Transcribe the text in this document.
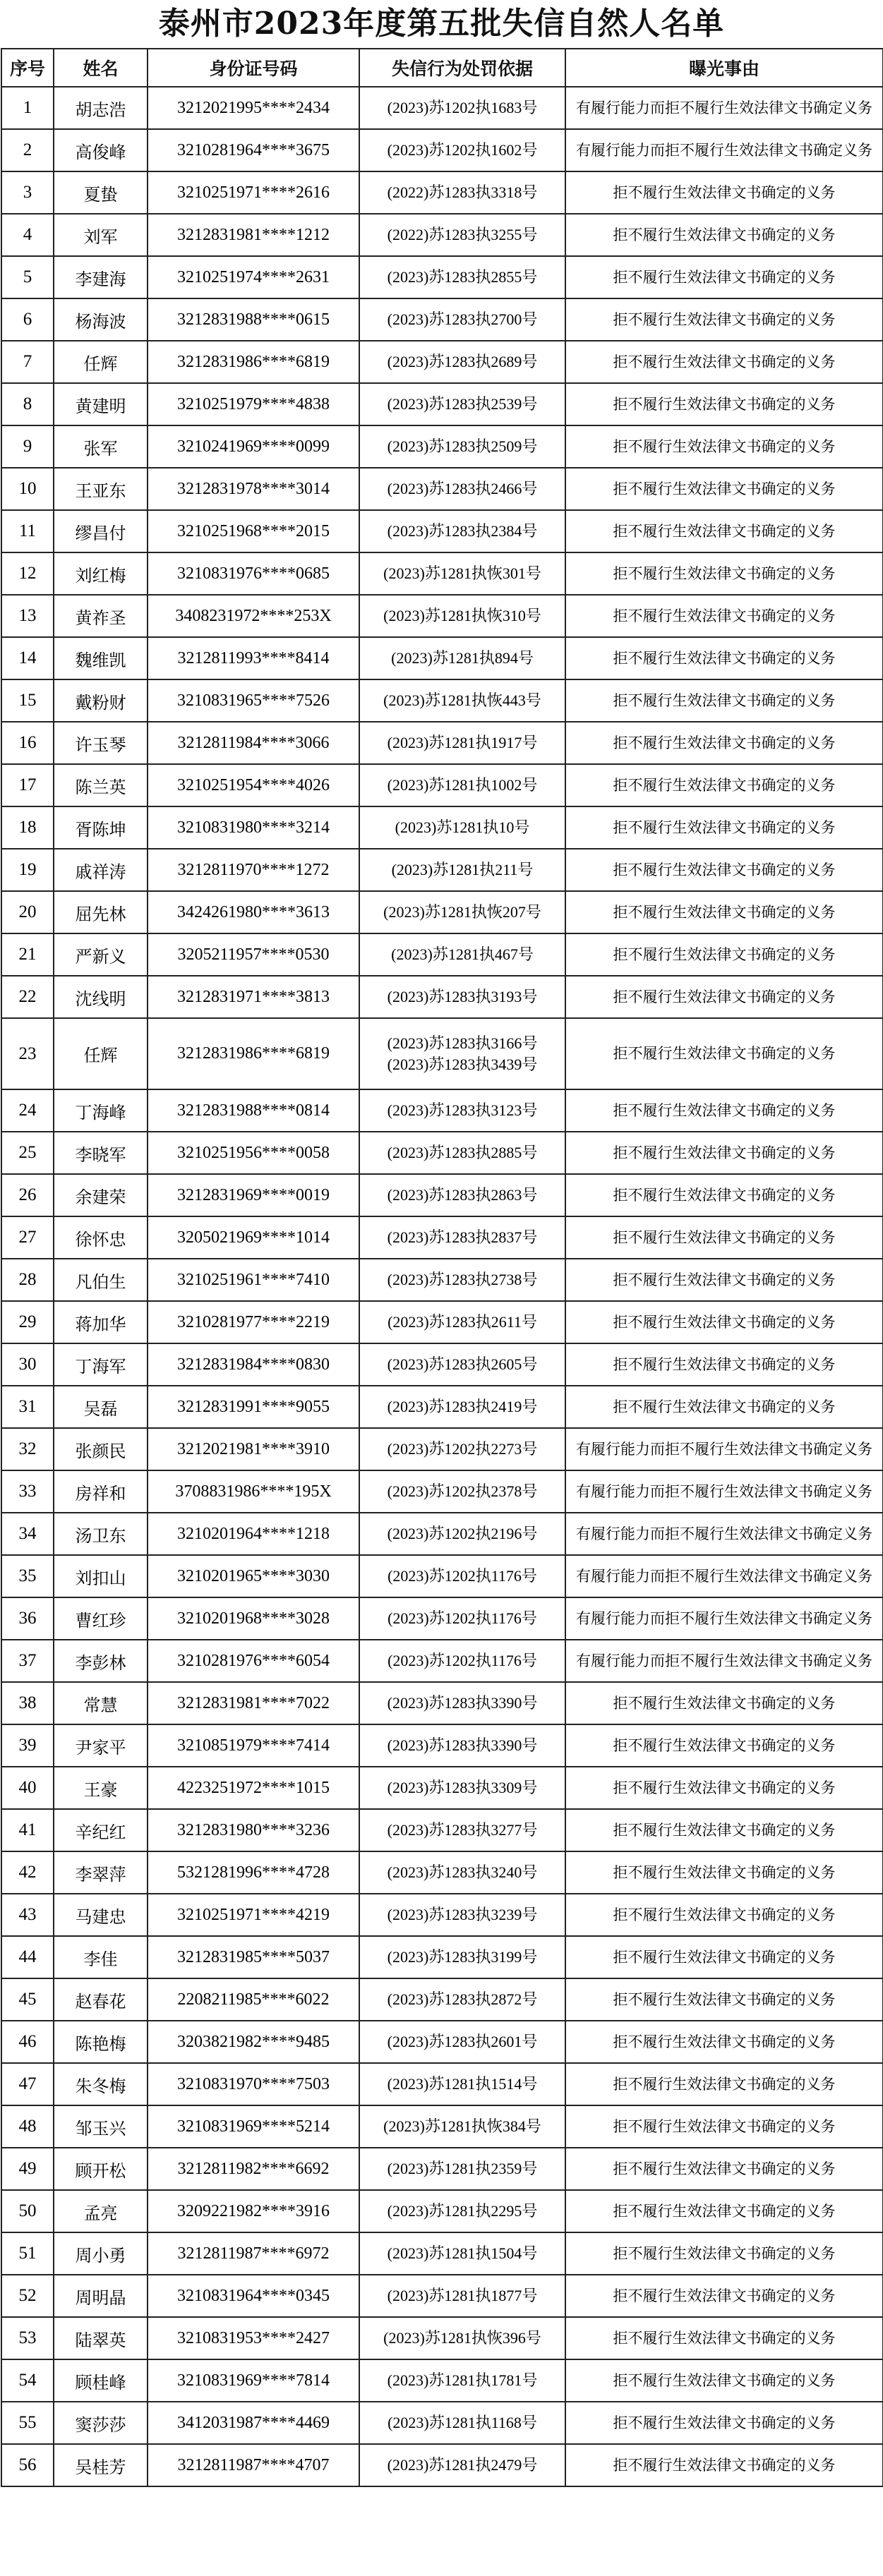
泰州市2023年度第五批失信自然人名单
序号	姓名	身份证号码	失信行为处罚依据	曝光事由
1	胡志浩	3212021995****2434	(2023)苏1202执1683号	有履行能力而拒不履行生效法律文书确定义务

2	高俊峰	3210281964****3675	(2023)苏1202执1602号	有履行能力而拒不履行生效法律文书确定义务

3	夏蛰	3210251971****2616	(2022)苏1283执3318号	拒不履行生效法律文书确定的义务

4	刘军	3212831981****1212	(2022)苏1283执3255号	拒不履行生效法律文书确定的义务

5	李建海	3210251974****2631	(2023)苏1283执2855号	拒不履行生效法律文书确定的义务

6	杨海波	3212831988****0615	(2023)苏1283执2700号	拒不履行生效法律文书确定的义务

7	任辉	3212831986****6819	(2023)苏1283执2689号	拒不履行生效法律文书确定的义务

8	黄建明	3210251979****4838	(2023)苏1283执2539号	拒不履行生效法律文书确定的义务

9	张军	3210241969****0099	(2023)苏1283执2509号	拒不履行生效法律文书确定的义务

10	王亚东	3212831978****3014	(2023)苏1283执2466号	拒不履行生效法律文书确定的义务

11	缪昌付	3210251968****2015	(2023)苏1283执2384号	拒不履行生效法律文书确定的义务

12	刘红梅	3210831976****0685	(2023)苏1281执恢301号	拒不履行生效法律文书确定的义务

13	黄祚圣	3408231972****253X	(2023)苏1281执恢310号	拒不履行生效法律文书确定的义务

14	魏维凯	3212811993****8414	(2023)苏1281执894号	拒不履行生效法律文书确定的义务

15	戴粉财	3210831965****7526	(2023)苏1281执恢443号	拒不履行生效法律文书确定的义务

16	许玉琴	3212811984****3066	(2023)苏1281执1917号	拒不履行生效法律文书确定的义务

17	陈兰英	3210251954****4026	(2023)苏1281执1002号	拒不履行生效法律文书确定的义务

18	胥陈坤	3210831980****3214	(2023)苏1281执10号	拒不履行生效法律文书确定的义务

19	戚祥涛	3212811970****1272	(2023)苏1281执211号	拒不履行生效法律文书确定的义务

20	屈先林	3424261980****3613	(2023)苏1281执恢207号	拒不履行生效法律文书确定的义务

21	严新义	3205211957****0530	(2023)苏1281执467号	拒不履行生效法律文书确定的义务

22	沈线明	3212831971****3813	(2023)苏1283执3193号	拒不履行生效法律文书确定的义务

23	任辉	3212831986****6819	(2023)苏1283执3166号
(2023)苏1283执3439号	拒不履行生效法律文书确定的义务

24	丁海峰	3212831988****0814	(2023)苏1283执3123号	拒不履行生效法律文书确定的义务

25	李晓军	3210251956****0058	(2023)苏1283执2885号	拒不履行生效法律文书确定的义务

26	余建荣	3212831969****0019	(2023)苏1283执2863号	拒不履行生效法律文书确定的义务

27	徐怀忠	3205021969****1014	(2023)苏1283执2837号	拒不履行生效法律文书确定的义务

28	凡伯生	3210251961****7410	(2023)苏1283执2738号	拒不履行生效法律文书确定的义务

29	蒋加华	3210281977****2219	(2023)苏1283执2611号	拒不履行生效法律文书确定的义务

30	丁海军	3212831984****0830	(2023)苏1283执2605号	拒不履行生效法律文书确定的义务

31	吴磊	3212831991****9055	(2023)苏1283执2419号	拒不履行生效法律文书确定的义务

32	张颜民	3212021981****3910	(2023)苏1202执2273号	有履行能力而拒不履行生效法律文书确定义务

33	房祥和	3708831986****195X	(2023)苏1202执2378号	有履行能力而拒不履行生效法律文书确定义务

34	汤卫东	3210201964****1218	(2023)苏1202执2196号	有履行能力而拒不履行生效法律文书确定义务

35	刘扣山	3210201965****3030	(2023)苏1202执1176号	有履行能力而拒不履行生效法律文书确定义务

36	曹红珍	3210201968****3028	(2023)苏1202执1176号	有履行能力而拒不履行生效法律文书确定义务

37	李彭林	3210281976****6054	(2023)苏1202执1176号	有履行能力而拒不履行生效法律文书确定义务

38	常慧	3212831981****7022	(2023)苏1283执3390号	拒不履行生效法律文书确定的义务

39	尹家平	3210851979****7414	(2023)苏1283执3390号	拒不履行生效法律文书确定的义务

40	王豪	4223251972****1015	(2023)苏1283执3309号	拒不履行生效法律文书确定的义务

41	辛纪红	3212831980****3236	(2023)苏1283执3277号	拒不履行生效法律文书确定的义务

42	李翠萍	5321281996****4728	(2023)苏1283执3240号	拒不履行生效法律文书确定的义务

43	马建忠	3210251971****4219	(2023)苏1283执3239号	拒不履行生效法律文书确定的义务

44	李佳	3212831985****5037	(2023)苏1283执3199号	拒不履行生效法律文书确定的义务

45	赵春花	2208211985****6022	(2023)苏1283执2872号	拒不履行生效法律文书确定的义务

46	陈艳梅	3203821982****9485	(2023)苏1283执2601号	拒不履行生效法律文书确定的义务

47	朱冬梅	3210831970****7503	(2023)苏1281执1514号	拒不履行生效法律文书确定的义务

48	邹玉兴	3210831969****5214	(2023)苏1281执恢384号	拒不履行生效法律文书确定的义务

49	顾开松	3212811982****6692	(2023)苏1281执2359号	拒不履行生效法律文书确定的义务

50	孟亮	3209221982****3916	(2023)苏1281执2295号	拒不履行生效法律文书确定的义务

51	周小勇	3212811987****6972	(2023)苏1281执1504号	拒不履行生效法律文书确定的义务

52	周明晶	3210831964****0345	(2023)苏1281执1877号	拒不履行生效法律文书确定的义务

53	陆翠英	3210831953****2427	(2023)苏1281执恢396号	拒不履行生效法律文书确定的义务

54	顾桂峰	3210831969****7814	(2023)苏1281执1781号	拒不履行生效法律文书确定的义务

55	窦莎莎	3412031987****4469	(2023)苏1281执1168号	拒不履行生效法律文书确定的义务

56	吴桂芳	3212811987****4707	(2023)苏1281执2479号	拒不履行生效法律文书确定的义务
